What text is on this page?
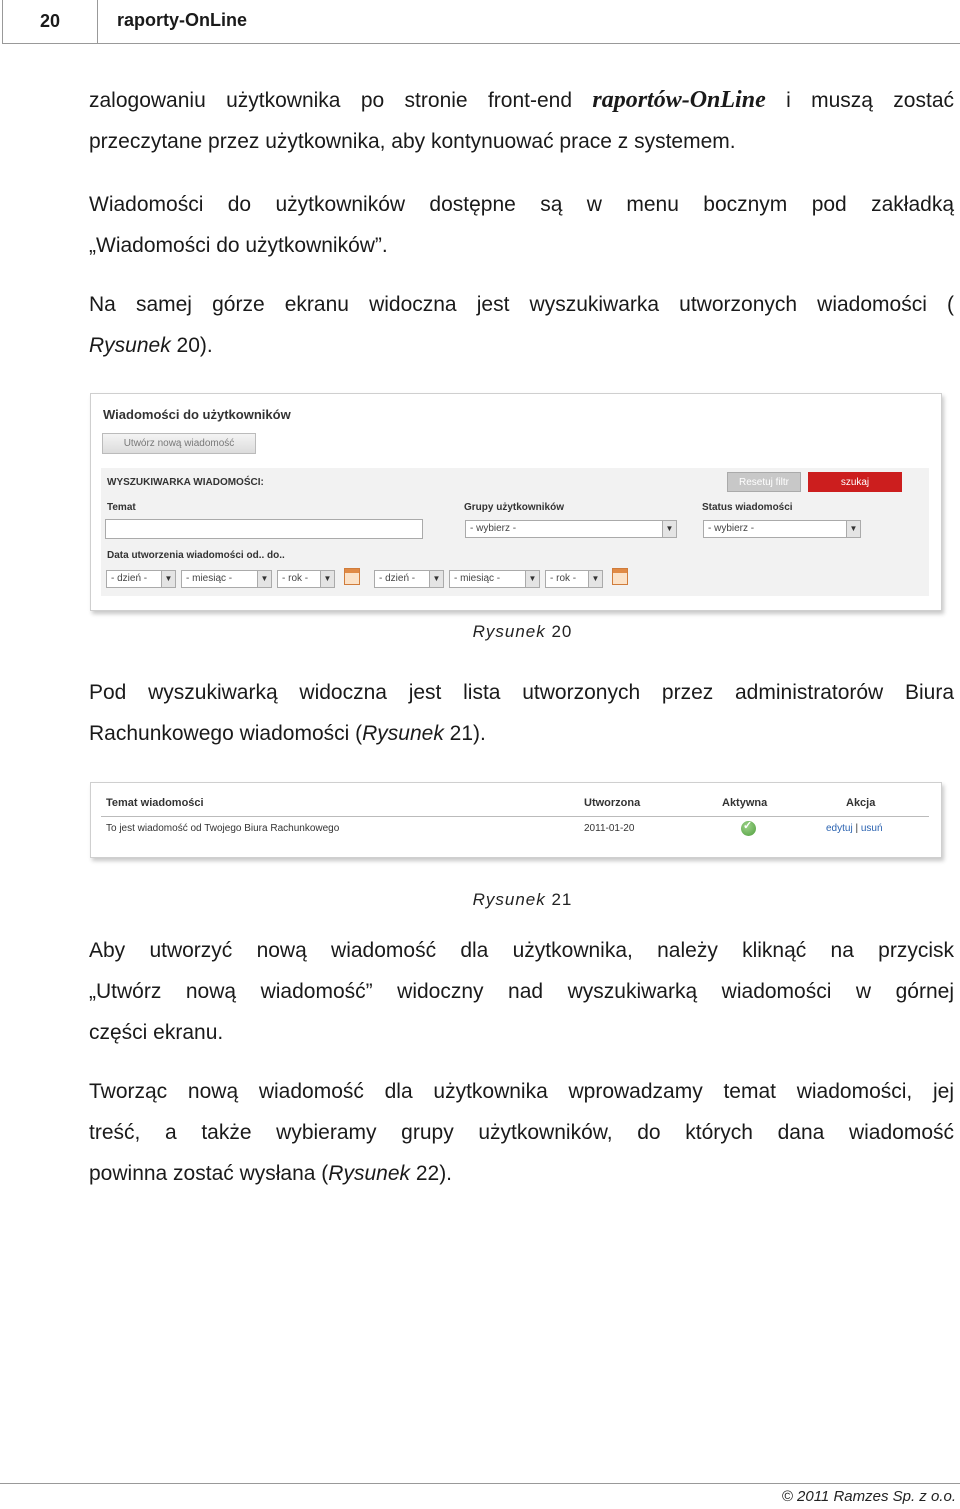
20	raporty-OnLine
zalogowaniu użytkownika po stronie front-end raportów-OnLine i muszą zostać
przeczytane przez użytkownika, aby kontynuować prace z systemem.
Wiadomości do użytkowników dostępne są w menu bocznym pod zakładką
„Wiadomości do użytkowników”.
Na samej górze ekranu widoczna jest wyszukiwarka utworzonych wiadomości (
Rysunek 20).
Wiadomości do użytkowników
Utwórz nową wiadomość
WYSZUKIWARKA WIADOMOŚCI:	Resetuj filtr	szukaj
Temat	Grupy użytkowników
- wybierz -	▼
Status wiadomości
- wybierz -	▼
Data utworzenia wiadomości od.. do..
- dzień -	▼	- miesiąc -	▼	- rok -	▼	- dzień -	▼	- miesiąc -	▼	- rok -	▼
Rysunek 20
Pod wyszukiwarką widoczna jest lista utworzonych przez administratorów Biura
Rachunkowego wiadomości (Rysunek 21).
Temat wiadomości	Utworzona	Aktywna	Akcja
To jest wiadomość od Twojego Biura Rachunkowego	2011-01-20
✓	edytuj | usuń
Rysunek 21
Aby utworzyć nową wiadomość dla użytkownika, należy kliknąć na przycisk
„Utwórz nową wiadomość” widoczny nad wyszukiwarką wiadomości w górnej
części ekranu.
Tworząc nową wiadomość dla użytkownika wprowadzamy temat wiadomości, jej
treść, a także wybieramy grupy użytkowników, do których dana wiadomość
powinna zostać wysłana (Rysunek 22).
© 2011 Ramzes Sp. z o.o.
